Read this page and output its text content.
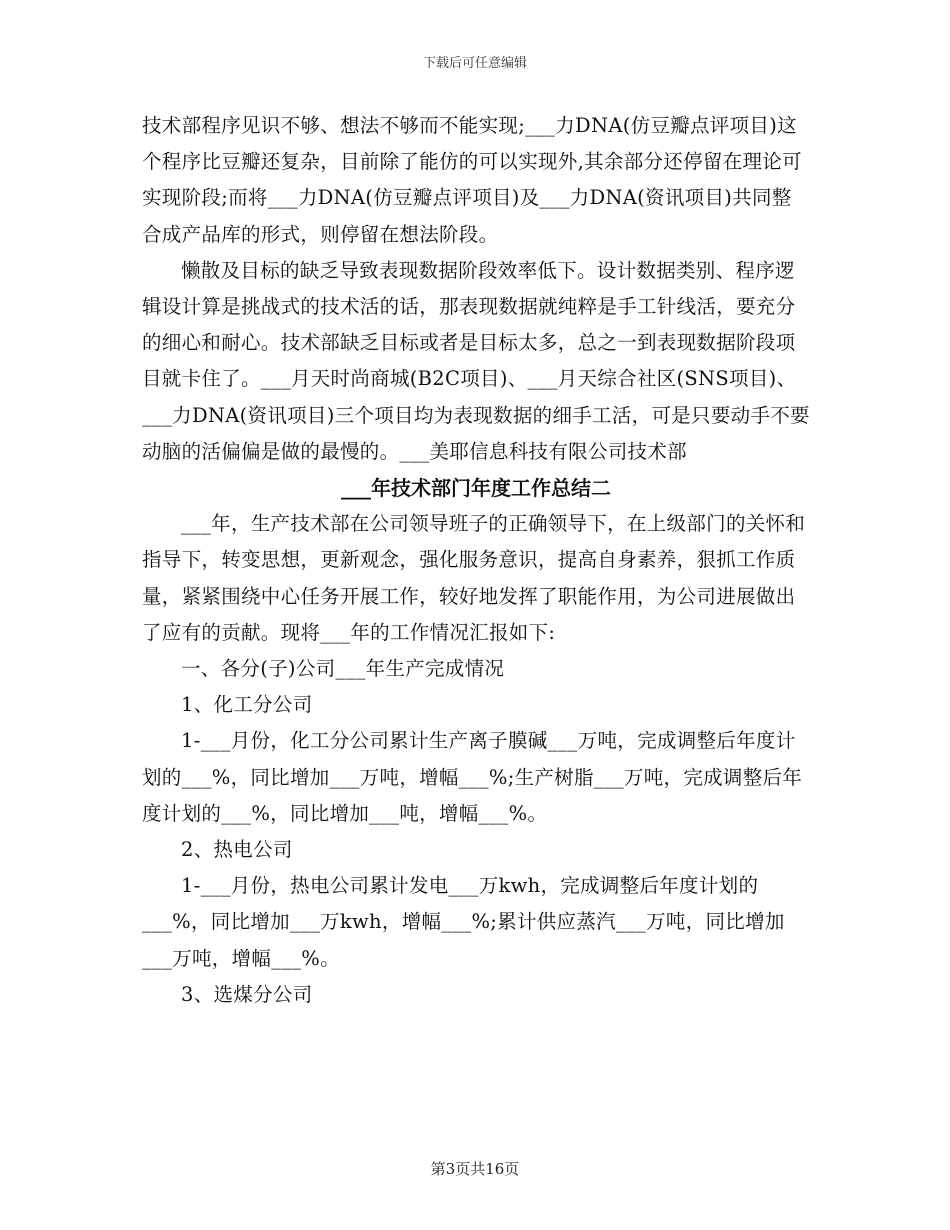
下载后可任意编辑

技术部程序见识不够、想法不够而不能实现;___力DNA(仿豆瓣点评项目)这个程序比豆瓣还复杂，目前除了能仿的可以实现外,其余部分还停留在理论可实现阶段;而将___力DNA(仿豆瓣点评项目)及___力DNA(资讯项目)共同整合成产品库的形式，则停留在想法阶段。

懒散及目标的缺乏导致表现数据阶段效率低下。设计数据类别、程序逻辑设计算是挑战式的技术活的话，那表现数据就纯粹是手工针线活，要充分的细心和耐心。技术部缺乏目标或者是目标太多，总之一到表现数据阶段项目就卡住了。___月天时尚商城(B2C项目)、___月天综合社区(SNS项目)、___力DNA(资讯项目)三个项目均为表现数据的细手工活，可是只要动手不要动脑的活偏偏是做的最慢的。___美耶信息科技有限公司技术部

___年技术部门年度工作总结二

___年，生产技术部在公司领导班子的正确领导下，在上级部门的关怀和指导下，转变思想，更新观念，强化服务意识，提高自身素养，狠抓工作质量，紧紧围绕中心任务开展工作，较好地发挥了职能作用，为公司进展做出了应有的贡献。现将___年的工作情况汇报如下:

一、各分(子)公司___年生产完成情况

1、化工分公司

1-___月份，化工分公司累计生产离子膜碱___万吨，完成调整后年度计划的___%，同比增加___万吨，增幅___%;生产树脂___万吨，完成调整后年度计划的___%，同比增加___吨，增幅___%。

2、热电公司

1-___月份，热电公司累计发电___万kwh，完成调整后年度计划的___%，同比增加___万kwh，增幅___%;累计供应蒸汽___万吨，同比增加___万吨，增幅___%。

3、选煤分公司

第3页共16页
